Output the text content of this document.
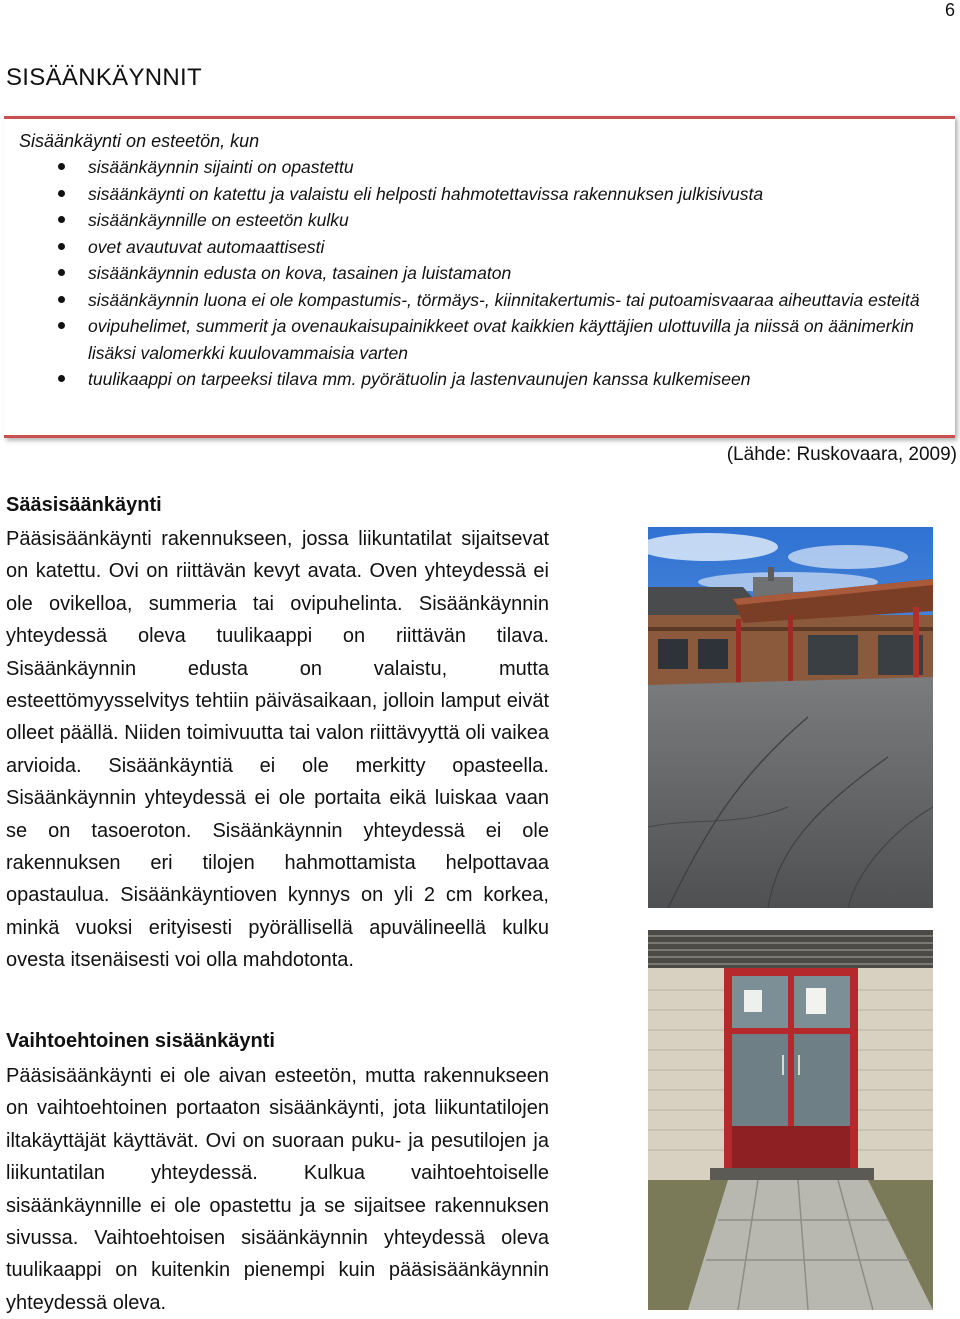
6
SISÄÄNKÄYNNIT
Sisäänkäynti on esteetön, kun
sisäänkäynnin sijainti on opastettu
sisäänkäynti on katettu ja valaistu eli helposti hahmotettavissa rakennuksen julkisivusta
sisäänkäynnille on esteetön kulku
ovet avautuvat automaattisesti
sisäänkäynnin edusta on kova, tasainen ja luistamaton
sisäänkäynnin luona ei ole kompastumis-, törmäys-, kiinnitakertumis- tai putoamisvaaraa aiheuttavia esteitä
ovipuhelimet, summerit ja ovenaukaisupainikkeet ovat kaikkien käyttäjien ulottuvilla ja niissä on äänimerkin lisäksi valomerkki kuulovammaisia varten
tuulikaappi on tarpeeksi tilava mm. pyörätuolin ja lastenvaunujen kanssa kulkemiseen
(Lähde: Ruskovaara, 2009)
Sääsisäänkäynti

Pääsisäänkäynti rakennukseen, jossa liikuntatilat sijaitsevat on katettu. Ovi on riittävän kevyt avata. Oven yhteydessä ei ole ovikelloa, summeria tai ovipuhelinta. Sisäänkäynnin yhteydessä oleva tuulikaappi on riittävän tilava. Sisäänkäynnin edusta on valaistu, mutta esteettömyysselvitys tehtiin päiväsaikaan, jolloin lamput eivät olleet päällä. Niiden toimivuutta tai valon riittävyyttä oli vaikea arvioida. Sisäänkäyntiä ei ole merkitty opasteella. Sisäänkäynnin yhteydessä ei ole portaita eikä luiskaa vaan se on tasoeroton. Sisäänkäynnin yhteydessä ei ole rakennuksen eri tilojen hahmottamista helpottavaa opastaulua. Sisäänkäyntioven kynnys on yli 2 cm korkea, minkä vuoksi erityisesti pyörällisellä apuvälineellä kulku ovesta itsenäisesti voi olla mahdotonta.

Vaihtoehtoinen sisäänkäynti

Pääsisäänkäynti ei ole aivan esteetön, mutta rakennukseen on vaihtoehtoinen portaaton sisäänkäynti, jota liikuntatilojen iltakäyttäjät käyttävät. Ovi on suoraan puku- ja pesutilojen ja liikuntatilan yhteydessä. Kulkua vaihtoehtoiselle sisäänkäynnille ei ole opastettu ja se sijaitsee rakennuksen sivussa. Vaihtoehtoisen sisäänkäynnin yhteydessä oleva tuulikaappi on kuitenkin pienempi kuin pääsisäänkäynnin yhteydessä oleva.
